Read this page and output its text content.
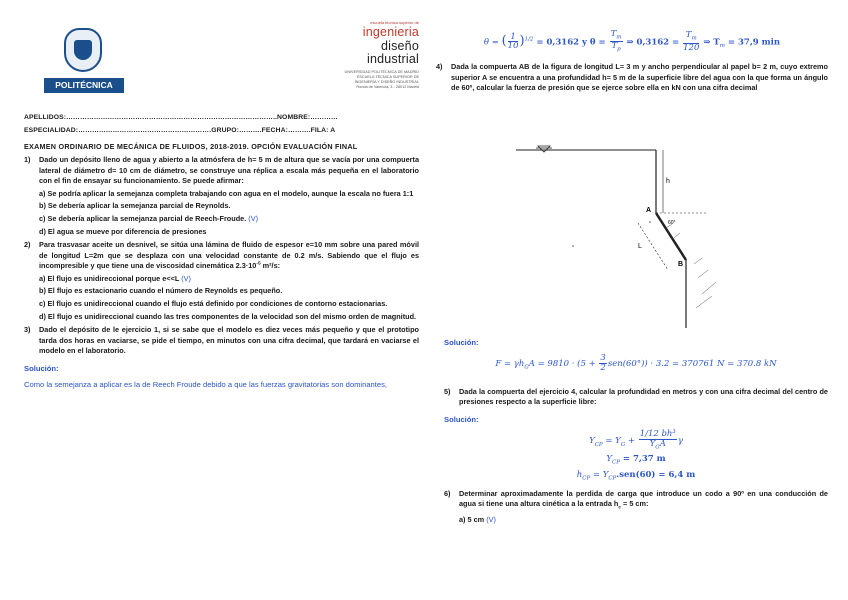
POLITÉCNICA
escuela técnica superior de
ingenieria
diseño
industrial
UNIVERSIDAD POLITÉCNICA DE MADRID
ESCUELA TÉCNICA SUPERIOR DE
INGENIERÍA Y DISEÑO INDUSTRIAL
Ronda de Valencia, 3 - 28012 Madrid
APELLIDOS:………………………………………………………………………………..NOMBRE:…………
ESPECIALIDAD:………………………………………………….GRUPO:……….FECHA:……….FILA: A
EXAMEN ORDINARIO DE MECÁNICA DE FLUIDOS, 2018-2019. OPCIÓN EVALUACIÓN FINAL
1)	Dado un depósito lleno de agua y abierto a la atmósfera de h= 5 m de altura que se vacía por una compuerta lateral de diámetro d= 10 cm de diámetro, se construye una réplica a escala más pequeña en el laboratorio con el fin de ensayar su funcionamiento. Se puede afirmar:
a) Se podría aplicar la semejanza completa trabajando con agua en el modelo, aunque la escala no fuera 1:1
b) Se debería aplicar la semejanza parcial de Reynolds.
c) Se debería aplicar la semejanza parcial de Reech-Froude. (V)
d) El agua se mueve por diferencia de presiones
2)	Para trasvasar aceite un desnivel, se sitúa una lámina de fluido de espesor e=10 mm sobre una pared móvil de longitud L=2m que se desplaza con una velocidad constante de 0.2 m/s. Sabiendo que el flujo es incompresible y que tiene una de viscosidad cinemática $2.3\cdot 10^{-5}$ m²/s:
a) El flujo es unidireccional porque e<<L (V)
b) El flujo es estacionario cuando el número de Reynolds es pequeño.
c) El flujo es unidireccional cuando el flujo está definido por condiciones de contorno estacionarias.
d) El flujo es unidireccional cuando las tres componentes de la velocidad son del mismo orden de magnitud.
3)	Dado el depósito de le ejercicio 1, si se sabe que el modelo es diez veces más pequeño y que el prototipo tarda dos horas en vaciarse, se pide el tiempo, en minutos con una cifra decimal, que tardará en vaciarse el modelo en el laboratorio.
Solución:
Como la semejanza a aplicar es la de Reech Froude debido a que las fuerzas gravitatorias son dominantes,
θ = ( $\frac{1}{10} )^{1/2} = 0,3162$ y $\theta = \frac{T_m}{T_p}$ ⇒ $0,3162 = \frac{T_m}{120}$ ⇒ $T_m = 37,9$ min
4)	Dada la compuerta AB de la figura de longitud L= 3 m y ancho perpendicular al papel b= 2 m, cuyo extremo superior A se encuentra a una profundidad h= 5 m de la superficie libre del agua con la que forma un ángulo de 60º, calcular la fuerza de presión que se ejerce sobre ella en kN con una cifra decimal
h
A
L
B
60°
Solución:
$F = \gamma h_GA = 9810 \cdot (5 + \frac{3}{2} sen(60^\circ)) \cdot 3.2 = 370761$ N = 370.8 kN
5)	Dada la compuerta del ejercicio 4, calcular la profundidad en metros y con una cifra decimal del centro de presiones respecto a la superficie libre:
Solución:
$Y_{CP} = Y_G + \frac{\text{1/12 bh³}}{Y_GA}$ γ
$Y_{CP} = 7,37$ m
$h_{CP} = Y_{CP}.sen(60) = 6,4$ m
6)	Determinar aproximadamente la perdida de carga que introduce un codo a 90º en una conducción de agua si tiene una altura cinética a la entrada $h_c = 5$ cm:
a) 5 cm (V)
